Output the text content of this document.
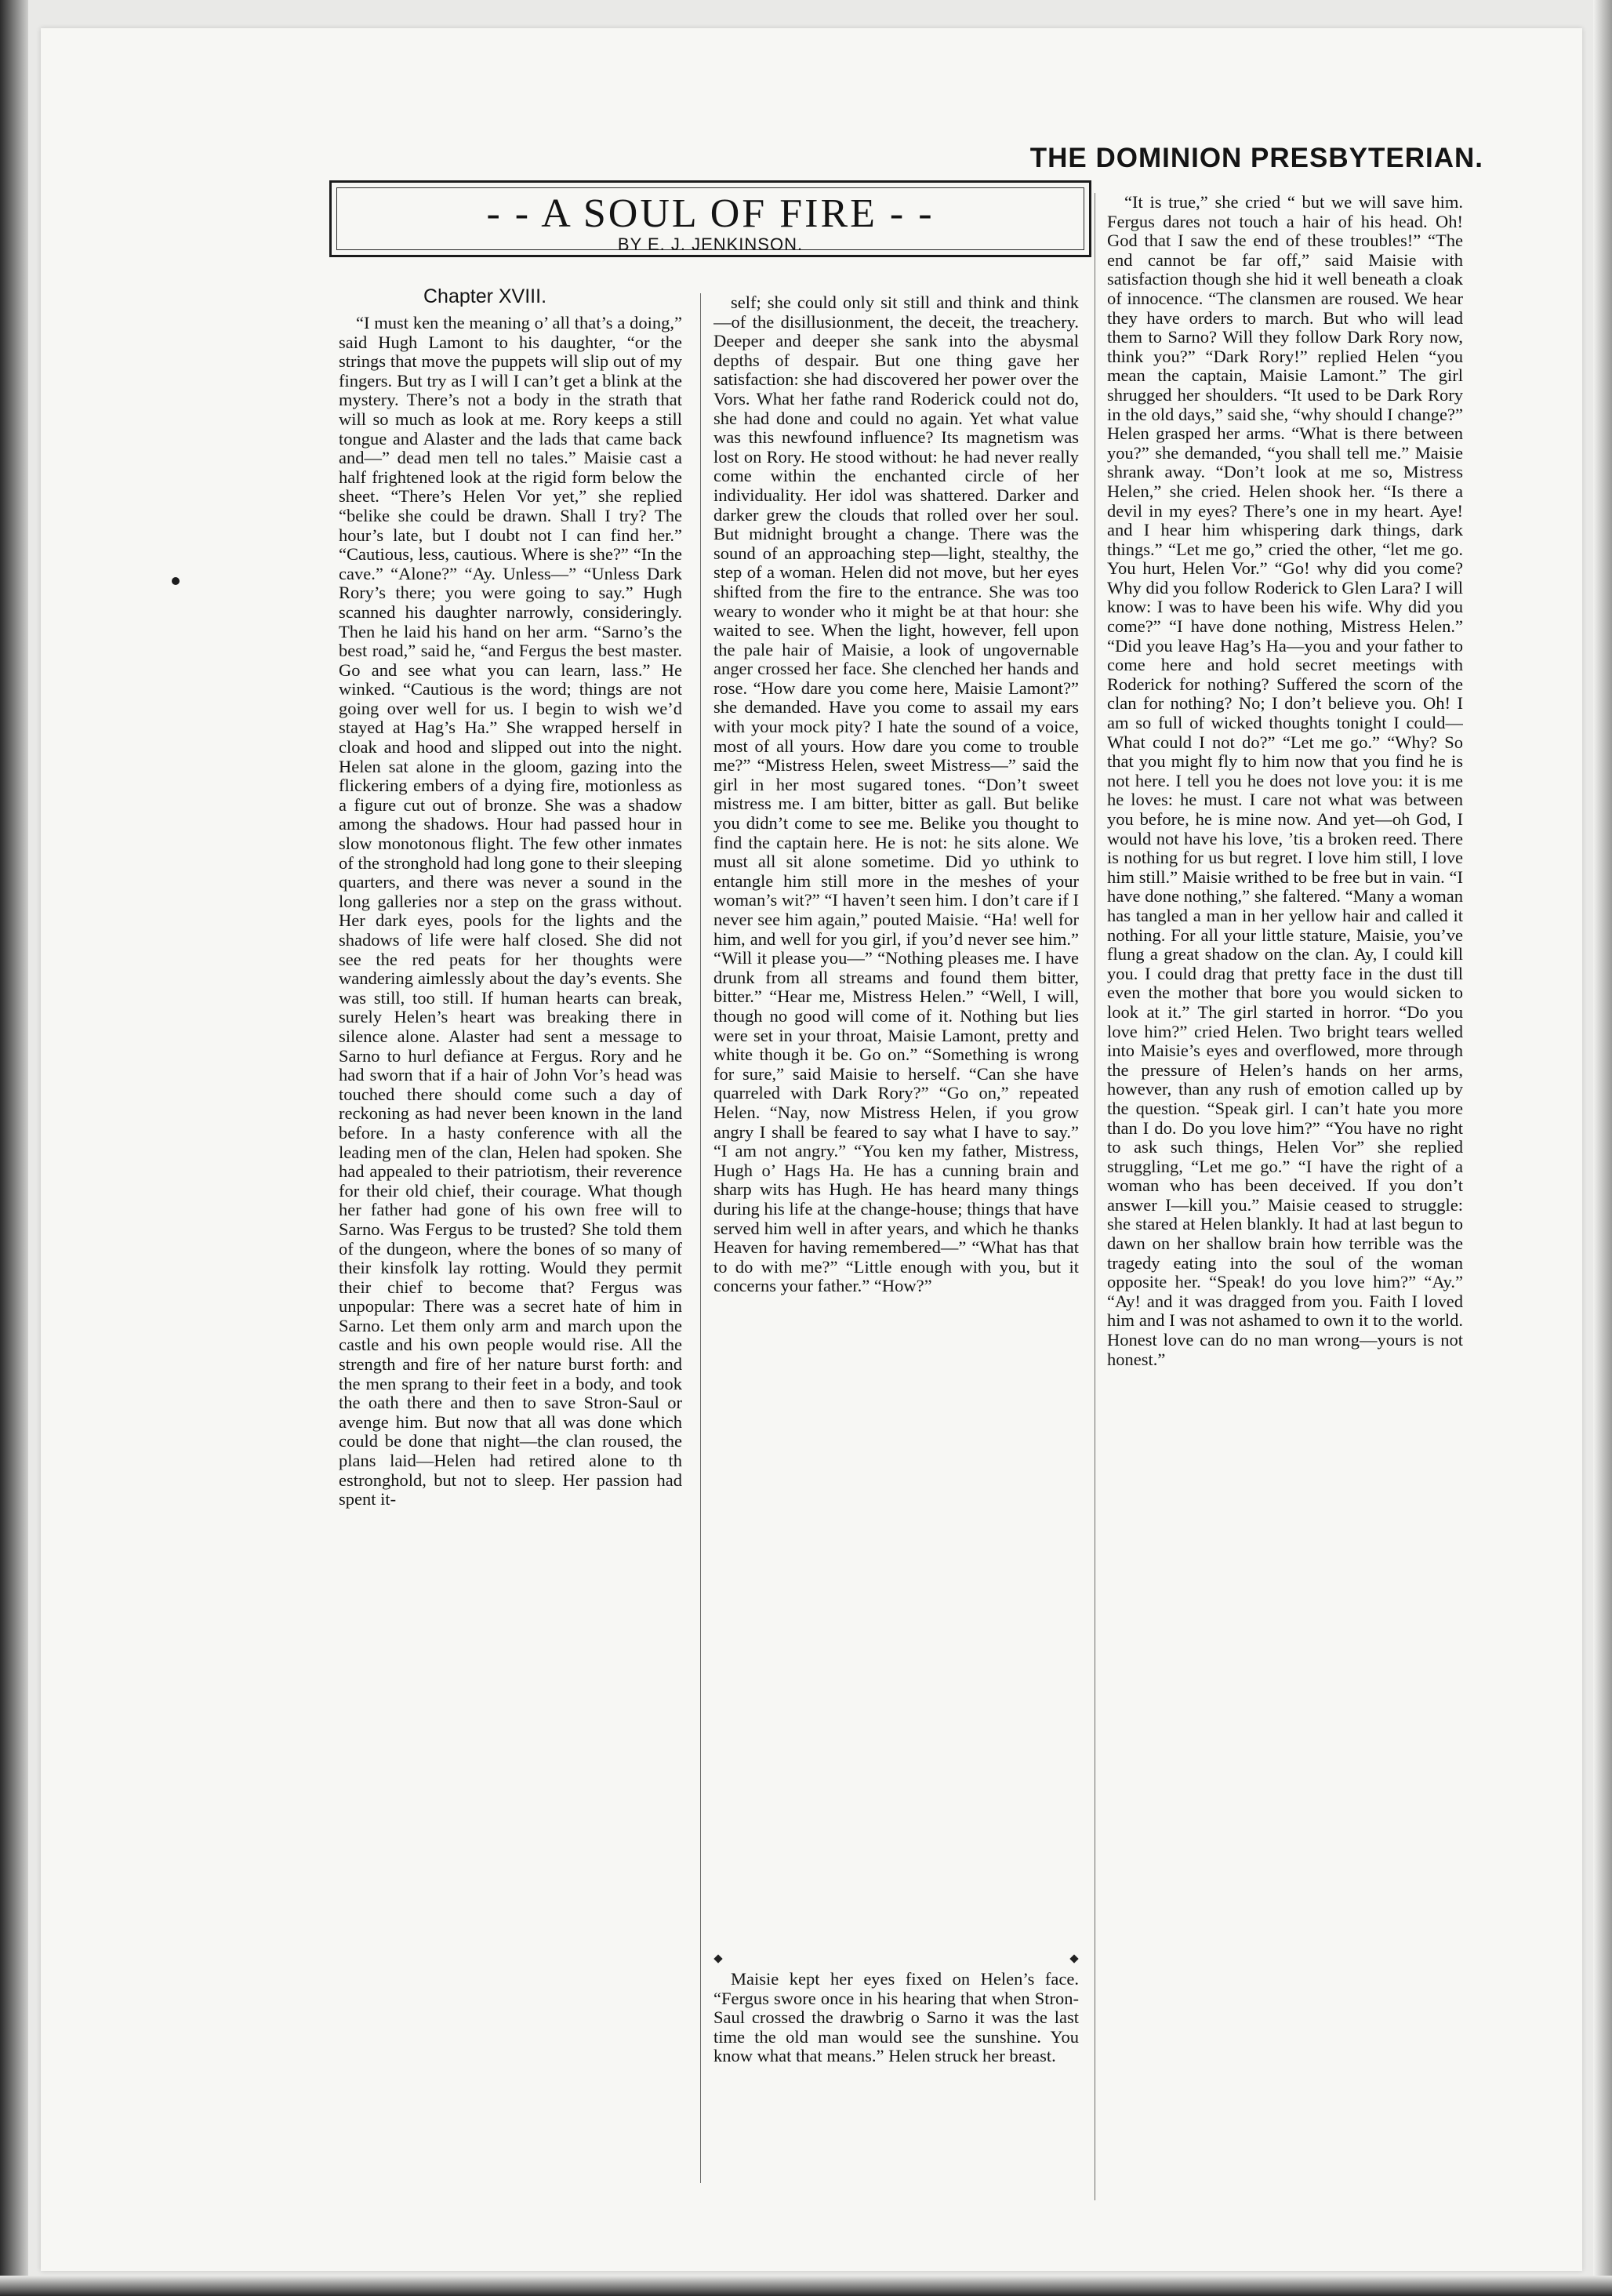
THE DOMINION PRESBYTERIAN.
- - A SOUL OF FIRE - -
BY E. J. JENKINSON.
Chapter XVIII.

“I must ken the meaning o’ all that’s a doing,” said Hugh Lamont to his daughter, “or the strings that move the puppets will slip out of my fingers. But try as I will I can’t get a blink at the mystery. There’s not a body in the strath that will so much as look at me. Rory keeps a still tongue and Alaster and the lads that came back and—” dead men tell no tales.” Maisie cast a half frightened look at the rigid form below the sheet. “There’s Helen Vor yet,” she replied “belike she could be drawn. Shall I try? The hour’s late, but I doubt not I can find her.” “Cautious, less, cautious. Where is she?” “In the cave.” “Alone?” “Ay. Unless—” “Unless Dark Rory’s there; you were going to say.” Hugh scanned his daughter narrowly, consideringly. Then he laid his hand on her arm. “Sarno’s the best road,” said he, “and Fergus the best master. Go and see what you can learn, lass.” He winked. “Cautious is the word; things are not going over well for us. I begin to wish we’d stayed at Hag’s Ha.” She wrapped herself in cloak and hood and slipped out into the night. Helen sat alone in the gloom, gazing into the flickering embers of a dying fire, motionless as a figure cut out of bronze. She was a shadow among the shadows. Hour had passed hour in slow monotonous flight. The few other inmates of the stronghold had long gone to their sleeping quarters, and there was never a sound in the long galleries nor a step on the grass without. Her dark eyes, pools for the lights and the shadows of life were half closed. She did not see the red peats for her thoughts were wandering aimlessly about the day’s events. She was still, too still. If human hearts can break, surely Helen’s heart was breaking there in silence alone. Alaster had sent a message to Sarno to hurl defiance at Fergus. Rory and he had sworn that if a hair of John Vor’s head was touched there should come such a day of reckoning as had never been known in the land before. In a hasty conference with all the leading men of the clan, Helen had spoken. She had appealed to their patriotism, their reverence for their old chief, their courage. What though her father had gone of his own free will to Sarno. Was Fergus to be trusted? She told them of the dungeon, where the bones of so many of their kinsfolk lay rotting. Would they permit their chief to become that? Fergus was unpopular: There was a secret hate of him in Sarno. Let them only arm and march upon the castle and his own people would rise. All the strength and fire of her nature burst forth: and the men sprang to their feet in a body, and took the oath there and then to save Stron-Saul or avenge him. But now that all was done which could be done that night—the clan roused, the plans laid—Helen had retired alone to th estronghold, but not to sleep. Her passion had spent it-

self; she could only sit still and think and think—of the disillusionment, the deceit, the treachery. Deeper and deeper she sank into the abysmal depths of despair. But one thing gave her satisfaction: she had discovered her power over the Vors. What her fathe rand Roderick could not do, she had done and could no again. Yet what value was this newfound influence? Its magnetism was lost on Rory. He stood without: he had never really come within the enchanted circle of her individuality. Her idol was shattered. Darker and darker grew the clouds that rolled over her soul. But midnight brought a change. There was the sound of an approaching step—light, stealthy, the step of a woman. Helen did not move, but her eyes shifted from the fire to the entrance. She was too weary to wonder who it might be at that hour: she waited to see. When the light, however, fell upon the pale hair of Maisie, a look of ungovernable anger crossed her face. She clenched her hands and rose. “How dare you come here, Maisie Lamont?” she demanded. Have you come to assail my ears with your mock pity? I hate the sound of a voice, most of all yours. How dare you come to trouble me?” “Mistress Helen, sweet Mistress—” said the girl in her most sugared tones. “Don’t sweet mistress me. I am bitter, bitter as gall. But belike you didn’t come to see me. Belike you thought to find the captain here. He is not: he sits alone. We must all sit alone sometime. Did yo uthink to entangle him still more in the meshes of your woman’s wit?” “I haven’t seen him. I don’t care if I never see him again,” pouted Maisie. “Ha! well for him, and well for you girl, if you’d never see him.” “Will it please you—” “Nothing pleases me. I have drunk from all streams and found them bitter, bitter.” “Hear me, Mistress Helen.” “Well, I will, though no good will come of it. Nothing but lies were set in your throat, Maisie Lamont, pretty and white though it be. Go on.” “Something is wrong for sure,” said Maisie to herself. “Can she have quarreled with Dark Rory?” “Go on,” repeated Helen. “Nay, now Mistress Helen, if you grow angry I shall be feared to say what I have to say.” “I am not angry.” “You ken my father, Mistress, Hugh o’ Hags Ha. He has a cunning brain and sharp wits has Hugh. He has heard many things during his life at the change-house; things that have served him well in after years, and which he thanks Heaven for having remembered—” “What has that to do with me?” “Little enough with you, but it concerns your father.” “How?”

Maisie kept her eyes fixed on Helen’s face. “Fergus swore once in his hearing that when Stron-Saul crossed the drawbrig o Sarno it was the last time the old man would see the sunshine. You know what that means.” Helen struck her breast.

“It is true,” she cried “ but we will save him. Fergus dares not touch a hair of his head. Oh! God that I saw the end of these troubles!” “The end cannot be far off,” said Maisie with satisfaction though she hid it well beneath a cloak of innocence. “The clansmen are roused. We hear they have orders to march. But who will lead them to Sarno? Will they follow Dark Rory now, think you?” “Dark Rory!” replied Helen “you mean the captain, Maisie Lamont.” The girl shrugged her shoulders. “It used to be Dark Rory in the old days,” said she, “why should I change?” Helen grasped her arms. “What is there between you?” she demanded, “you shall tell me.” Maisie shrank away. “Don’t look at me so, Mistress Helen,” she cried. Helen shook her. “Is there a devil in my eyes? There’s one in my heart. Aye! and I hear him whispering dark things, dark things.” “Let me go,” cried the other, “let me go. You hurt, Helen Vor.” “Go! why did you come? Why did you follow Roderick to Glen Lara? I will know: I was to have been his wife. Why did you come?” “I have done nothing, Mistress Helen.” “Did you leave Hag’s Ha—you and your father to come here and hold secret meetings with Roderick for nothing? Suffered the scorn of the clan for nothing? No; I don’t believe you. Oh! I am so full of wicked thoughts tonight I could—What could I not do?” “Let me go.” “Why? So that you might fly to him now that you find he is not here. I tell you he does not love you: it is me he loves: he must. I care not what was between you before, he is mine now. And yet—oh God, I would not have his love, ’tis a broken reed. There is nothing for us but regret. I love him still, I love him still.” Maisie writhed to be free but in vain. “I have done nothing,” she faltered. “Many a woman has tangled a man in her yellow hair and called it nothing. For all your little stature, Maisie, you’ve flung a great shadow on the clan. Ay, I could kill you. I could drag that pretty face in the dust till even the mother that bore you would sicken to look at it.” The girl started in horror. “Do you love him?” cried Helen. Two bright tears welled into Maisie’s eyes and overflowed, more through the pressure of Helen’s hands on her arms, however, than any rush of emotion called up by the question. “Speak girl. I can’t hate you more than I do. Do you love him?” “You have no right to ask such things, Helen Vor” she replied struggling, “Let me go.” “I have the right of a woman who has been deceived. If you don’t answer I—kill you.” Maisie ceased to struggle: she stared at Helen blankly. It had at last begun to dawn on her shallow brain how terrible was the tragedy eating into the soul of the woman opposite her. “Speak! do you love him?” “Ay.” “Ay! and it was dragged from you. Faith I loved him and I was not ashamed to own it to the world. Honest love can do no man wrong—yours is not honest.”
